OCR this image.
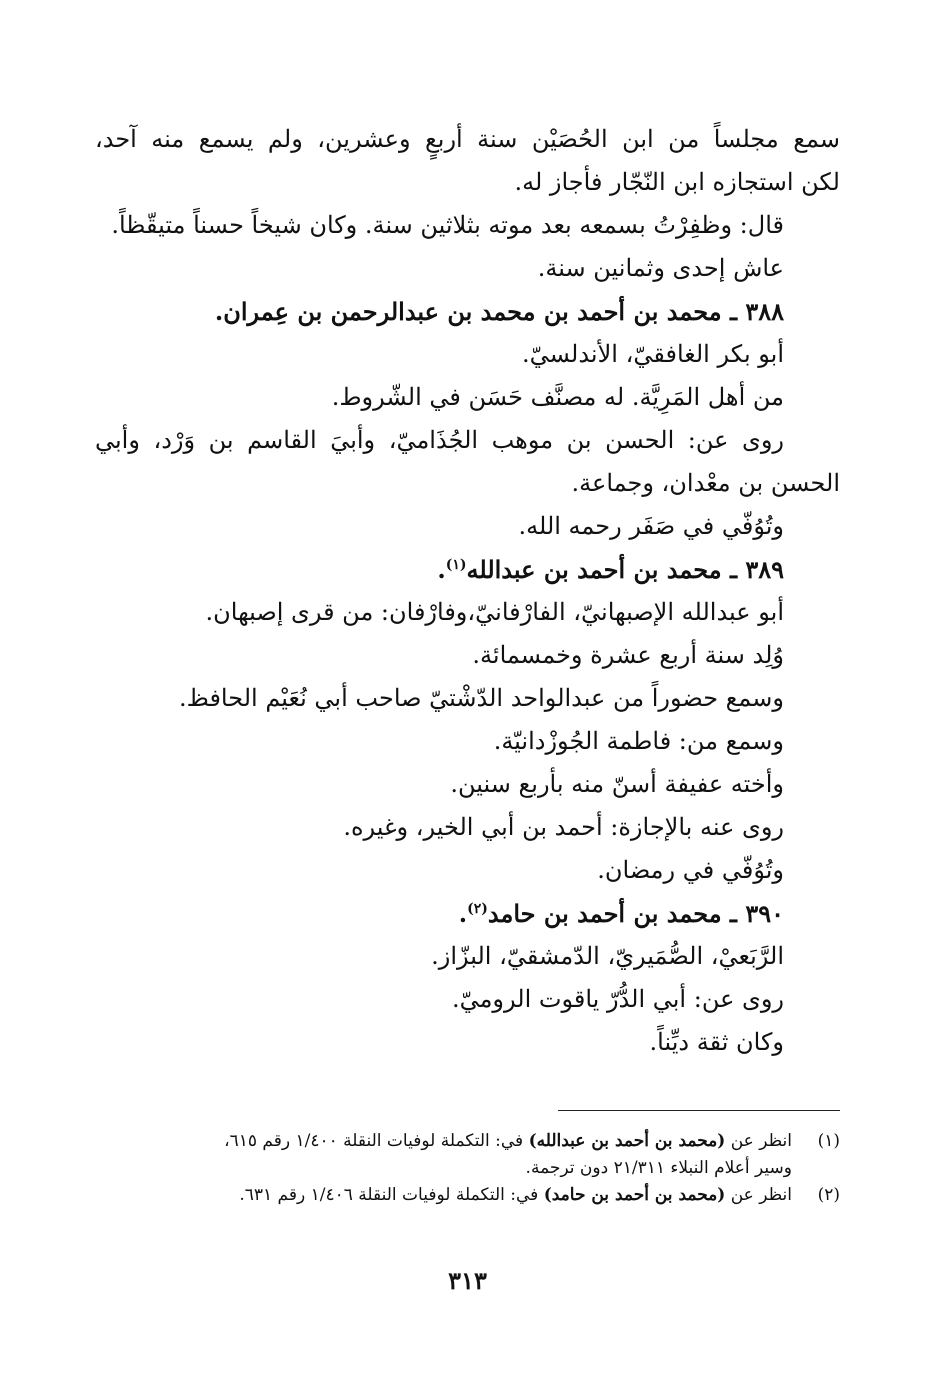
سمع مجلساً من ابن الحُصَيْن سنة أربعٍ وعشرين، ولم يسمع منه آحد،
لكن استجازه ابن النّجّار فأجاز له.
قال: وظفِرْتُ بسمعه بعد موته بثلاثين سنة. وكان شيخاً حسناً متيقّظاً.
عاش إحدى وثمانين سنة.
٣٨٨ ـ محمد بن أحمد بن محمد بن عبدالرحمن بن عِمران.
أبو بكر الغافقيّ، الأندلسيّ.
من أهل المَرِيَّة. له مصنَّف حَسَن في الشّروط.
روى عن: الحسن بن موهب الجُذَاميّ، وأبيَ القاسم بن وَرْد، وأبي
الحسن بن معْدان، وجماعة.
وتُوُفّي في صَفَر رحمه الله.
٣٨٩ ـ محمد بن أحمد بن عبدالله$^{(١)}$.
أبو عبدالله الإصبهانيّ، الفارْفانيّ،وفارْفان: من قرى إصبهان.
وُلِد سنة أربع عشرة وخمسمائة.
وسمع حضوراً من عبدالواحد الدّشْتيّ صاحب أبي نُعَيْم الحافظ.
وسمع من: فاطمة الجُوزْدانيّة.
وأخته عفيفة أسنّ منه بأربع سنين.
روى عنه بالإجازة: أحمد بن أبي الخير، وغيره.
وتُوُفّي في رمضان.
٣٩٠ ـ محمد بن أحمد بن حامد$^{(٢)}$.
الرَّبَعيْ، الصُّمَيريّ، الدّمشقيّ، البزّاز.
روى عن: أبي الدُّرّ ياقوت الروميّ.
وكان ثقة ديِّناً.
(١)
انظر عن (محمد بن أحمد بن عبدالله) في: التكملة لوفيات النقلة ١/٤٠٠ رقم ٦١٥،
وسير أعلام النبلاء ٢١/٣١١ دون ترجمة.
(٢)
انظر عن (محمد بن أحمد بن حامد) في: التكملة لوفيات النقلة ١/٤٠٦ رقم ٦٣١.
٣١٣
